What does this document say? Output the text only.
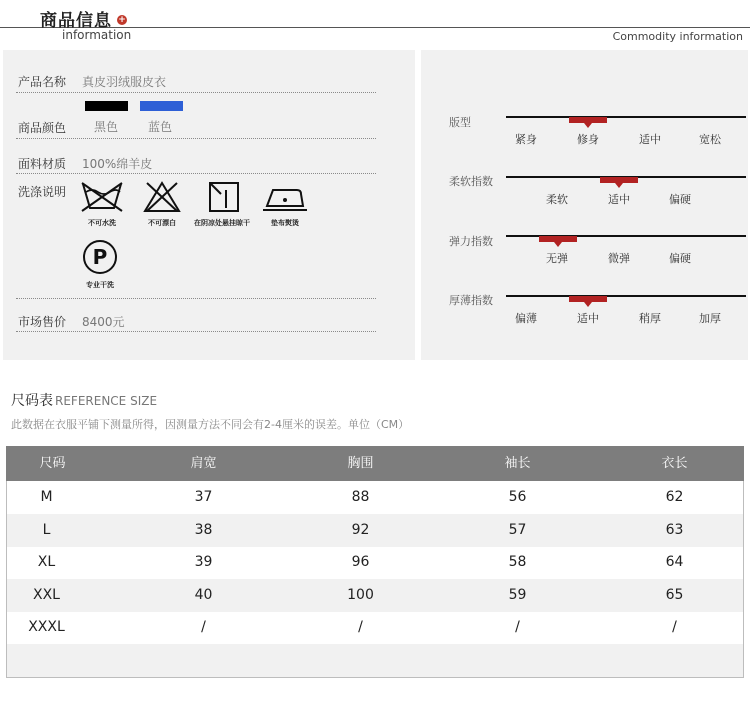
商品信息 +
information	Commodity information
产品名称 真皮羽绒服皮衣
商品颜色 黑色 蓝色
面料材质 100%绵羊皮
洗涤说明
不可水洗	不可漂白	在阴凉处悬挂晾干	垫布熨烫
P
专业干洗
市场售价 8400元
版型
紧身	修身	适中	宽松
柔软指数
柔软	适中	偏硬
弹力指数
无弹	微弹	偏硬
厚薄指数
偏薄	适中	稍厚	加厚
尺码表 REFERENCE SIZE
此数据在衣服平铺下测量所得，因测量方法不同会有2-4厘米的误差。单位（CM）
尺码	肩宽	胸围	袖长	衣长
M	37	88	56	62
L	38	92	57	63
XL	39	96	58	64
XXL	40	100	59	65
XXXL	/	/	/	/
